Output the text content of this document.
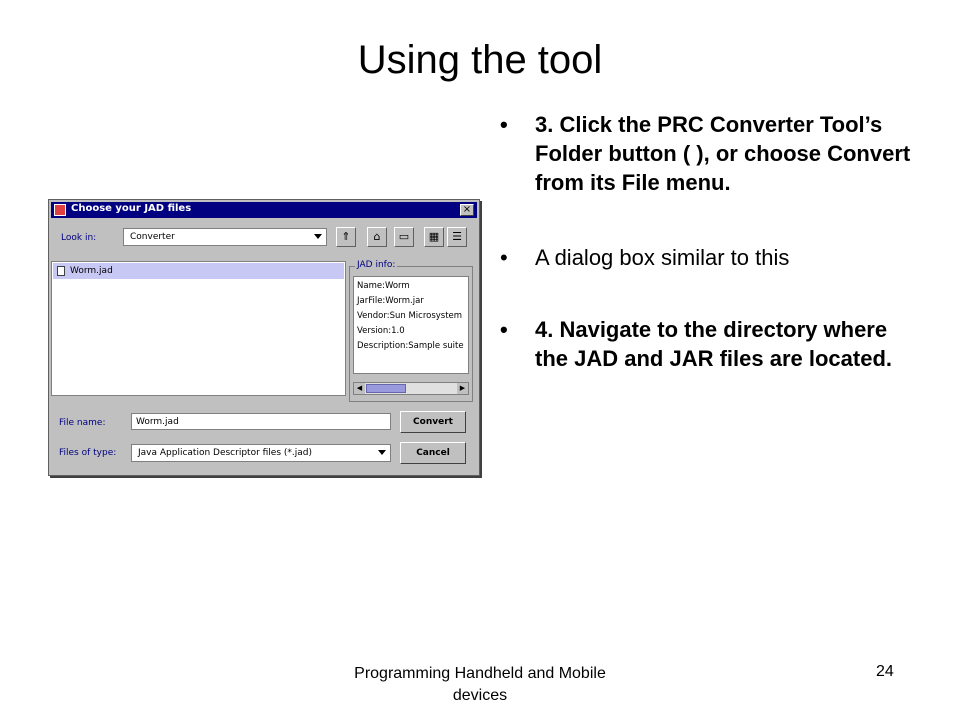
Using the tool
• 3. Click the PRC Converter Tool’s Folder button ( ), or choose Convert from its File menu.
• A dialog box similar to this
• 4. Navigate to the directory where the JAD and JAR files are located.
Choose your JAD files	×
Look in:	Converter	⇑	⌂	▭	▦	☰
Worm.jad
JAD info:
Name:Worm
JarFile:Worm.jar
Vendor:Sun Microsystem
Version:1.0
Description:Sample suite
◀	▶
File name:	Worm.jad
Files of type: Java Application Descriptor files (*.jad)
Convert
Cancel
Programming Handheld and Mobile devices
24
